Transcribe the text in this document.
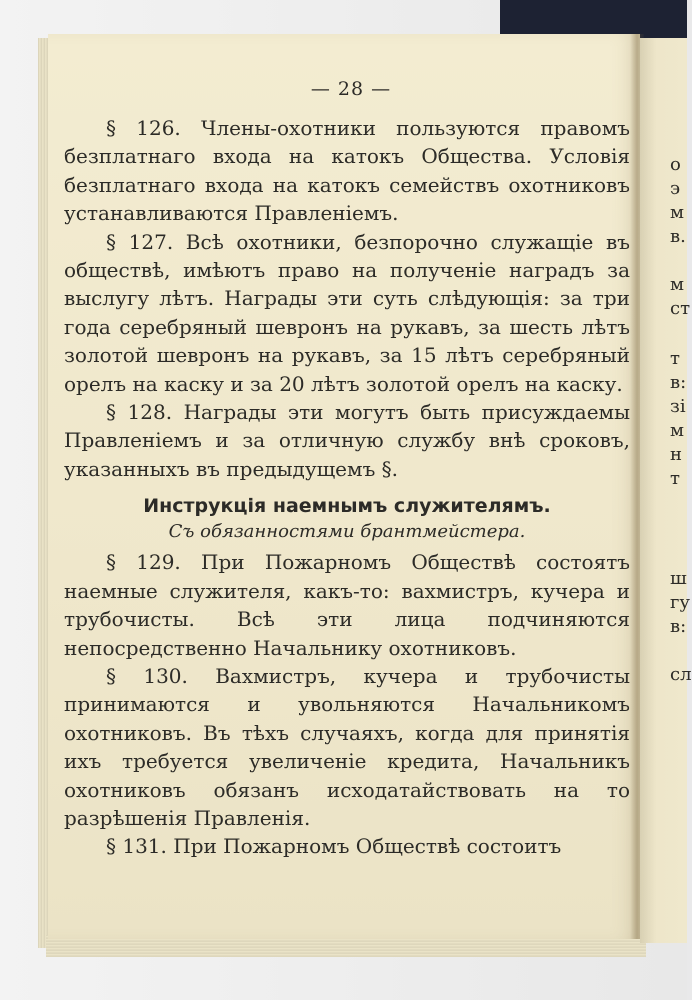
о
э
м
в.
м
ст
т
в:
зі
м
н
т
ш
гу
в:
сл
— 28 —

§ 126. Члены-охотники пользуются правомъ безплатнаго входа на катокъ Общества. Условія безплатнаго входа на катокъ семействъ охотниковъ устанавливаются Правленіемъ.

§ 127. Всѣ охотники, безпорочно служащіе въ обществѣ, имѣютъ право на полученіе наградъ за выслугу лѣтъ. Награды эти суть слѣдующія: за три года серебряный шевронъ на рукавъ, за шесть лѣтъ золотой шевронъ на рукавъ, за 15 лѣтъ серебряный орелъ на каску и за 20 лѣтъ золотой орелъ на каску.

§ 128. Награды эти могутъ быть присуждаемы Правленіемъ и за отличную службу внѣ сроковъ, указанныхъ въ предыдущемъ §.

Инструкція наемнымъ служителямъ.
Съ обязанностями брантмейстера.

§ 129. При Пожарномъ Обществѣ состоятъ наемные служителя, какъ-то: вахмистръ, кучера и трубочисты. Всѣ эти лица подчиняются непосредственно Начальнику охотниковъ.

§ 130. Вахмистръ, кучера и трубочисты принимаются и увольняются Начальникомъ охотниковъ. Въ тѣхъ случаяхъ, когда для принятія ихъ требуется увеличеніе кредита, Начальникъ охотниковъ обязанъ исходатайствовать на то разрѣшенія Правленія.

§ 131. При Пожарномъ Обществѣ состоитъ
